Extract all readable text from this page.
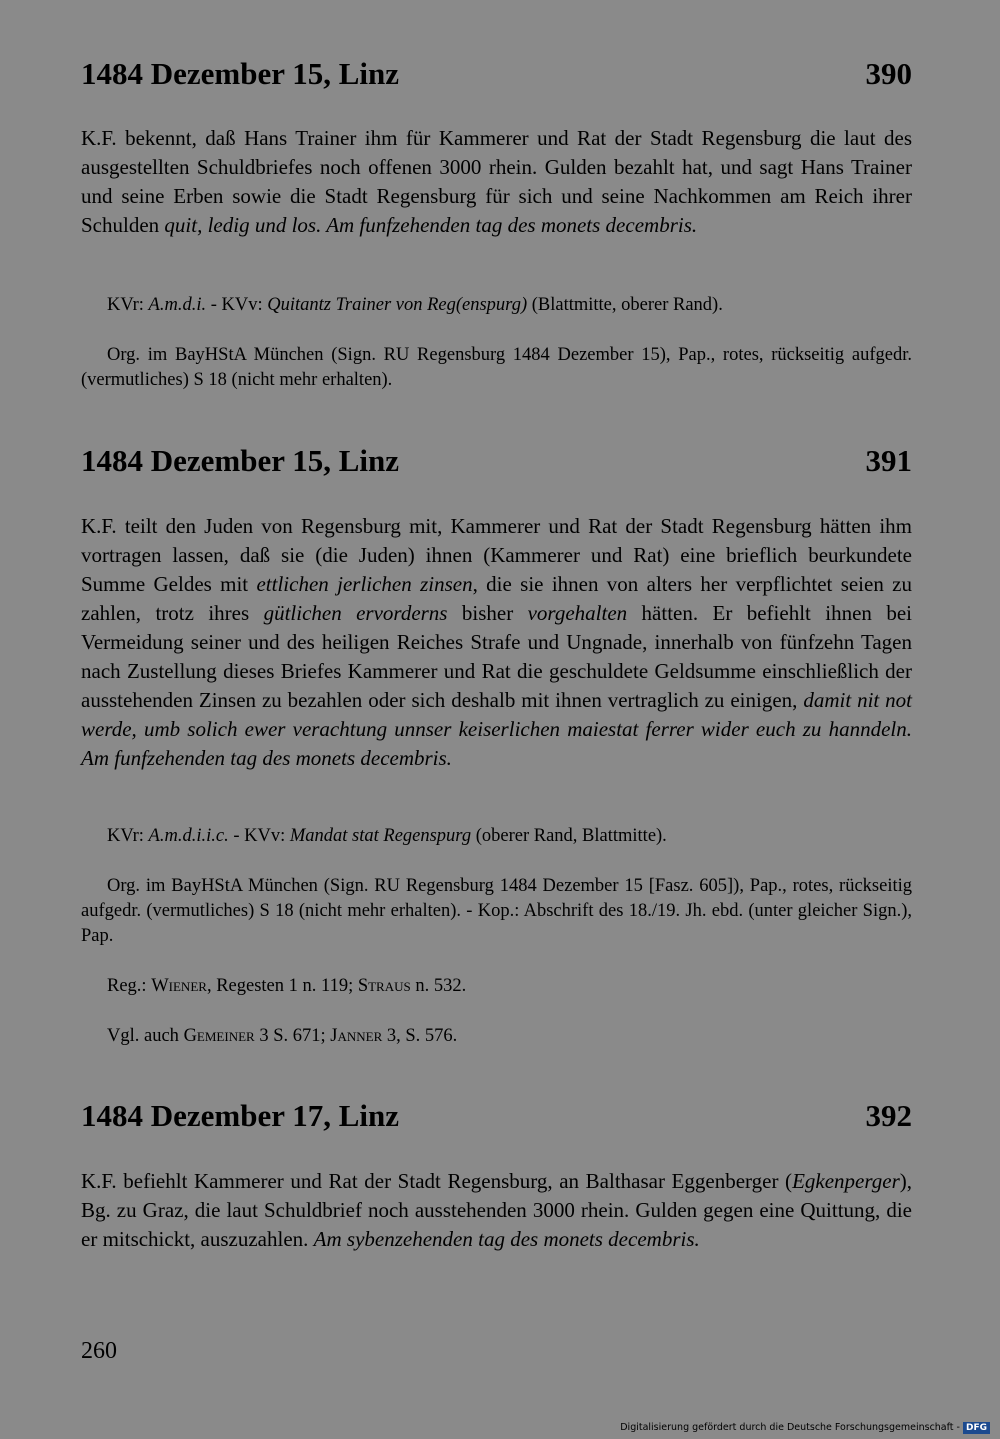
1484 Dezember 15, Linz	390

K.F. bekennt, daß Hans Trainer ihm für Kammerer und Rat der Stadt Regensburg die laut des ausgestellten Schuldbriefes noch offenen 3000 rhein. Gulden bezahlt hat, und sagt Hans Trainer und seine Erben sowie die Stadt Regensburg für sich und seine Nachkommen am Reich ihrer Schulden quit, ledig und los. Am funfzehenden tag des monets decembris.

KVr: A.m.d.i. - KVv: Quitantz Trainer von Reg(enspurg) (Blattmitte, oberer Rand).

Org. im BayHStA München (Sign. RU Regensburg 1484 Dezember 15), Pap., rotes, rückseitig aufgedr. (vermutliches) S 18 (nicht mehr erhalten).

1484 Dezember 15, Linz	391

K.F. teilt den Juden von Regensburg mit, Kammerer und Rat der Stadt Regensburg hätten ihm vortragen lassen, daß sie (die Juden) ihnen (Kammerer und Rat) eine brieflich beurkundete Summe Geldes mit ettlichen jerlichen zinsen, die sie ihnen von alters her verpflichtet seien zu zahlen, trotz ihres gütlichen ervorderns bisher vorgehalten hätten. Er befiehlt ihnen bei Vermeidung seiner und des heiligen Reiches Strafe und Ungnade, innerhalb von fünfzehn Tagen nach Zustellung dieses Briefes Kammerer und Rat die geschuldete Geldsumme einschließlich der ausstehenden Zinsen zu bezahlen oder sich deshalb mit ihnen vertraglich zu einigen, damit nit not werde, umb solich ewer verachtung unnser keiserlichen maiestat ferrer wider euch zu hanndeln. Am funfzehenden tag des monets decembris.

KVr: A.m.d.i.i.c. - KVv: Mandat stat Regenspurg (oberer Rand, Blattmitte).

Org. im BayHStA München (Sign. RU Regensburg 1484 Dezember 15 [Fasz. 605]), Pap., rotes, rückseitig aufgedr. (vermutliches) S 18 (nicht mehr erhalten). - Kop.: Abschrift des 18./19. Jh. ebd. (unter gleicher Sign.), Pap.

Reg.: Wiener, Regesten 1 n. 119; Straus n. 532.

Vgl. auch Gemeiner 3 S. 671; Janner 3, S. 576.

1484 Dezember 17, Linz	392

K.F. befiehlt Kammerer und Rat der Stadt Regensburg, an Balthasar Eggenberger (Egkenperger), Bg. zu Graz, die laut Schuldbrief noch ausstehenden 3000 rhein. Gulden gegen eine Quittung, die er mitschickt, auszuzahlen. Am sybenzehenden tag des monets decembris.

260
Digitalisierung gefördert durch die Deutsche Forschungsgemeinschaft - DFG
